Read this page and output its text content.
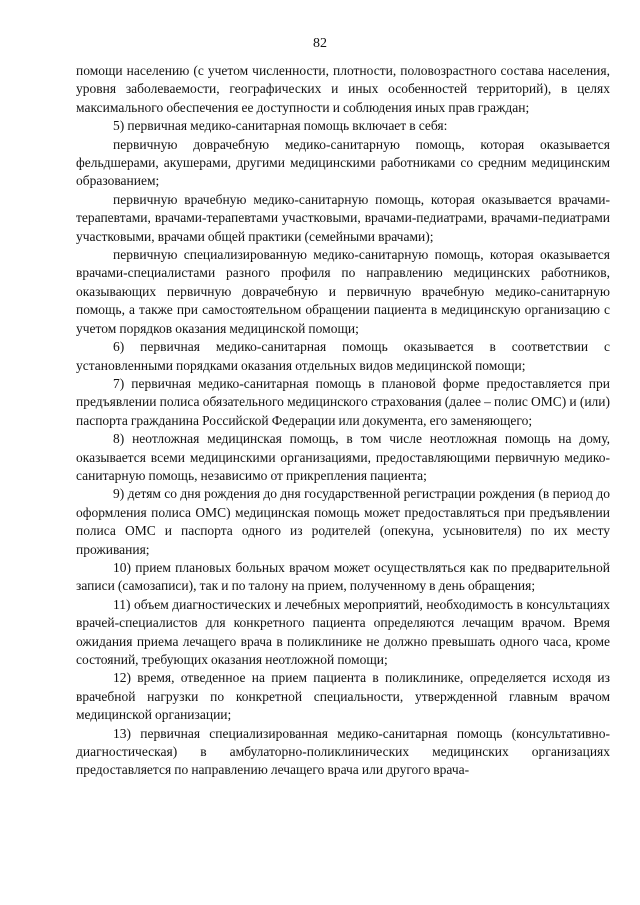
82

помощи населению (с учетом численности, плотности, половозрастного состава населения, уровня заболеваемости, географических и иных особенностей территорий), в целях максимального обеспечения ее доступности и соблюдения иных прав граждан;

5) первичная медико-санитарная помощь включает в себя:

первичную доврачебную медико-санитарную помощь, которая оказывается фельдшерами, акушерами, другими медицинскими работниками со средним медицинским образованием;

первичную врачебную медико-санитарную помощь, которая оказывается врачами-терапевтами, врачами-терапевтами участковыми, врачами-педиатрами, врачами-педиатрами участковыми, врачами общей практики (семейными врачами);

первичную специализированную медико-санитарную помощь, которая оказывается врачами-специалистами разного профиля по направлению медицинских работников, оказывающих первичную доврачебную и первичную врачебную медико-санитарную помощь, а также при самостоятельном обращении пациента в медицинскую организацию с учетом порядков оказания медицинской помощи;

6) первичная медико-санитарная помощь оказывается в соответствии с установленными порядками оказания отдельных видов медицинской помощи;

7) первичная медико-санитарная помощь в плановой форме предоставляется при предъявлении полиса обязательного медицинского страхования (далее – полис ОМС) и (или) паспорта гражданина Российской Федерации или документа, его заменяющего;

8) неотложная медицинская помощь, в том числе неотложная помощь на дому, оказывается всеми медицинскими организациями, предоставляющими первичную медико-санитарную помощь, независимо от прикрепления пациента;

9) детям со дня рождения до дня государственной регистрации рождения (в период до оформления полиса ОМС) медицинская помощь может предоставляться при предъявлении полиса ОМС и паспорта одного из родителей (опекуна, усыновителя) по их месту проживания;

10) прием плановых больных врачом может осуществляться как по предварительной записи (самозаписи), так и по талону на прием, полученному в день обращения;

11) объем диагностических и лечебных мероприятий, необходимость в консультациях врачей-специалистов для конкретного пациента определяются лечащим врачом. Время ожидания приема лечащего врача в поликлинике не должно превышать одного часа, кроме состояний, требующих оказания неотложной помощи;

12) время, отведенное на прием пациента в поликлинике, определяется исходя из врачебной нагрузки по конкретной специальности, утвержденной главным врачом медицинской организации;

13) первичная специализированная медико-санитарная помощь (консультативно-диагностическая) в амбулаторно-поликлинических медицинских организациях предоставляется по направлению лечащего врача или другого врача-
